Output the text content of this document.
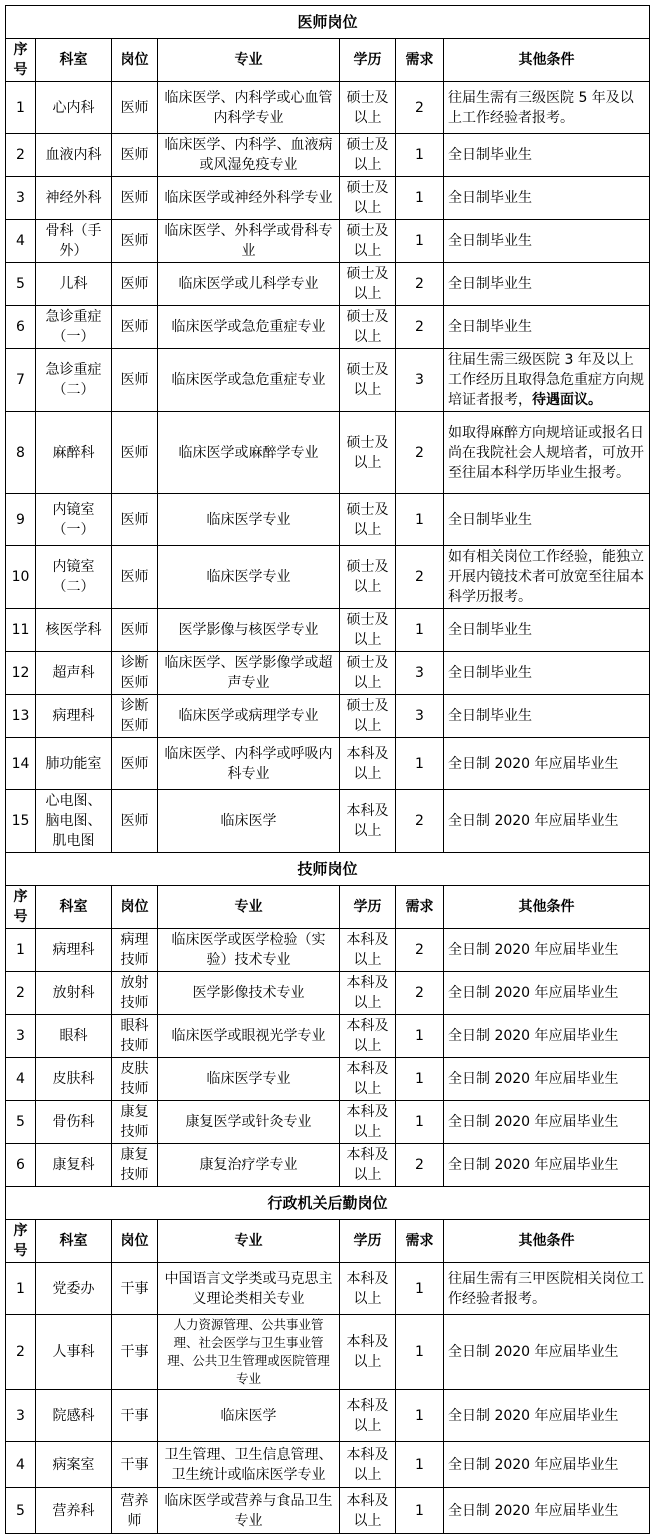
医师岗位						
序号	科室	岗位	专业	学历	需求	其他条件
1	心内科	医师	临床医学、内科学或心血管内科学专业	硕士及以上	2	往届生需有三级医院 5 年及以上工作经验者报考。
2	血液内科	医师	临床医学、内科学、血液病或风湿免疫专业	硕士及以上	1	全日制毕业生
3	神经外科	医师	临床医学或神经外科学专业	硕士及以上	1	全日制毕业生
4	骨科（手外）	医师	临床医学、外科学或骨科专业	硕士及以上	1	全日制毕业生
5	儿科	医师	临床医学或儿科学专业	硕士及以上	2	全日制毕业生
6	急诊重症（一）	医师	临床医学或急危重症专业	硕士及以上	2	全日制毕业生
7	急诊重症（二）	医师	临床医学或急危重症专业	硕士及以上	3	往届生需三级医院 3 年及以上工作经历且取得急危重症方向规培证者报考，待遇面议。
8	麻醉科	医师	临床医学或麻醉学专业	硕士及以上	2	如取得麻醉方向规培证或报名日尚在我院社会人规培者，可放开至往届本科学历毕业生报考。
9	内镜室（一）	医师	临床医学专业	硕士及以上	1	全日制毕业生
10	内镜室（二）	医师	临床医学专业	硕士及以上	2	如有相关岗位工作经验，能独立开展内镜技术者可放宽至往届本科学历报考。
11	核医学科	医师	医学影像与核医学专业	硕士及以上	1	全日制毕业生
12	超声科	诊断医师	临床医学、医学影像学或超声专业	硕士及以上	3	全日制毕业生
13	病理科	诊断医师	临床医学或病理学专业	硕士及以上	3	全日制毕业生
14	肺功能室	医师	临床医学、内科学或呼吸内科专业	本科及以上	1	全日制 2020 年应届毕业生
15	心电图、脑电图、肌电图	医师	临床医学	本科及以上	2	全日制 2020 年应届毕业生
技师岗位						
序号	科室	岗位	专业	学历	需求	其他条件
1	病理科	病理技师	临床医学或医学检验（实验）技术专业	本科及以上	2	全日制 2020 年应届毕业生
2	放射科	放射技师	医学影像技术专业	本科及以上	2	全日制 2020 年应届毕业生
3	眼科	眼科技师	临床医学或眼视光学专业	本科及以上	1	全日制 2020 年应届毕业生
4	皮肤科	皮肤技师	临床医学专业	本科及以上	1	全日制 2020 年应届毕业生
5	骨伤科	康复技师	康复医学或针灸专业	本科及以上	1	全日制 2020 年应届毕业生
6	康复科	康复技师	康复治疗学专业	本科及以上	2	全日制 2020 年应届毕业生
行政机关后勤岗位						
序号	科室	岗位	专业	学历	需求	其他条件
1	党委办	干事	中国语言文学类或马克思主义理论类相关专业	本科及以上	1	往届生需有三甲医院相关岗位工作经验者报考。
2	人事科	干事	人力资源管理、公共事业管理、社会医学与卫生事业管理、公共卫生管理或医院管理专业	本科及以上	1	全日制 2020 年应届毕业生
3	院感科	干事	临床医学	本科及以上	1	全日制 2020 年应届毕业生
4	病案室	干事	卫生管理、卫生信息管理、卫生统计或临床医学专业	本科及以上	1	全日制 2020 年应届毕业生
5	营养科	营养师	临床医学或营养与食品卫生专业	本科及以上	1	全日制 2020 年应届毕业生
